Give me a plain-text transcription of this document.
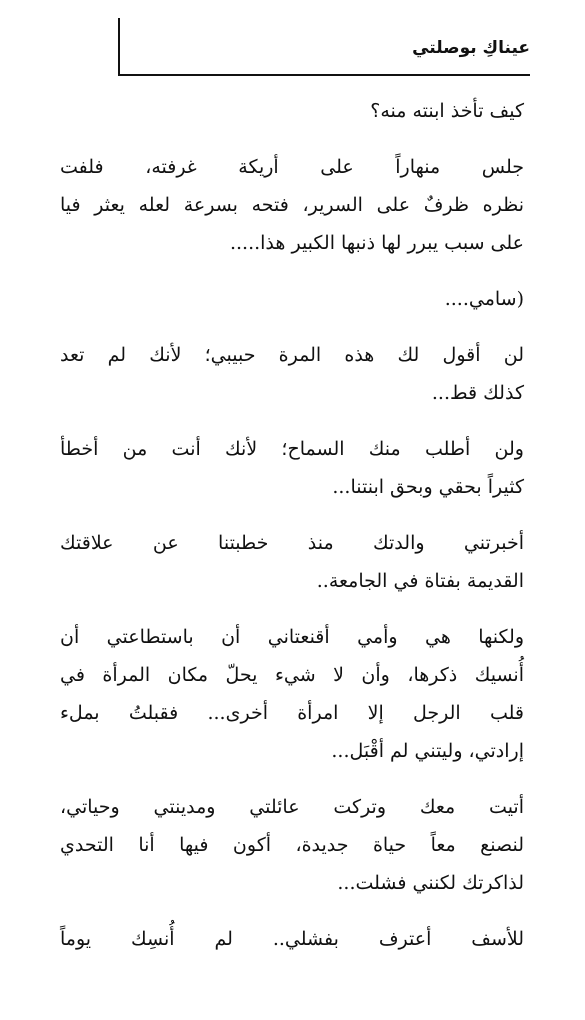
عيناكِ بوصلتي

كيف تأخذ ابنته منه؟

جلس منهاراً على أريكة غرفته، فلفت
نظره ظرفٌ على السرير، فتحه بسرعة لعله يعثر فيا
على سبب يبرر لها ذنبها الكبير هذا.....

(سامي....

لن أقول لك هذه المرة حبيبي؛ لأنك لم تعد
كذلك قط...

ولن أطلب منك السماح؛ لأنك أنت من أخطأ
كثيراً بحقي وبحق ابنتنا...

أخبرتني والدتك منذ خطبتنا عن علاقتك
القديمة بفتاة في الجامعة..

ولكنها هي وأمي أقنعتاني أن باستطاعتي أن
أُنسيك ذكرها، وأن لا شيء يحلّ مكان المرأة في
قلب الرجل إلا امرأة أخرى... فقبلتُ بملء
إرادتي، وليتني لم أقْبَل...

أتيت معك وتركت عائلتي ومدينتي وحياتي،
لنصنع معاً حياة جديدة، أكون فيها أنا التحدي
لذاكرتك لكنني فشلت...

للأسف أعترف بفشلي.. لم أُنسِك يوماً
